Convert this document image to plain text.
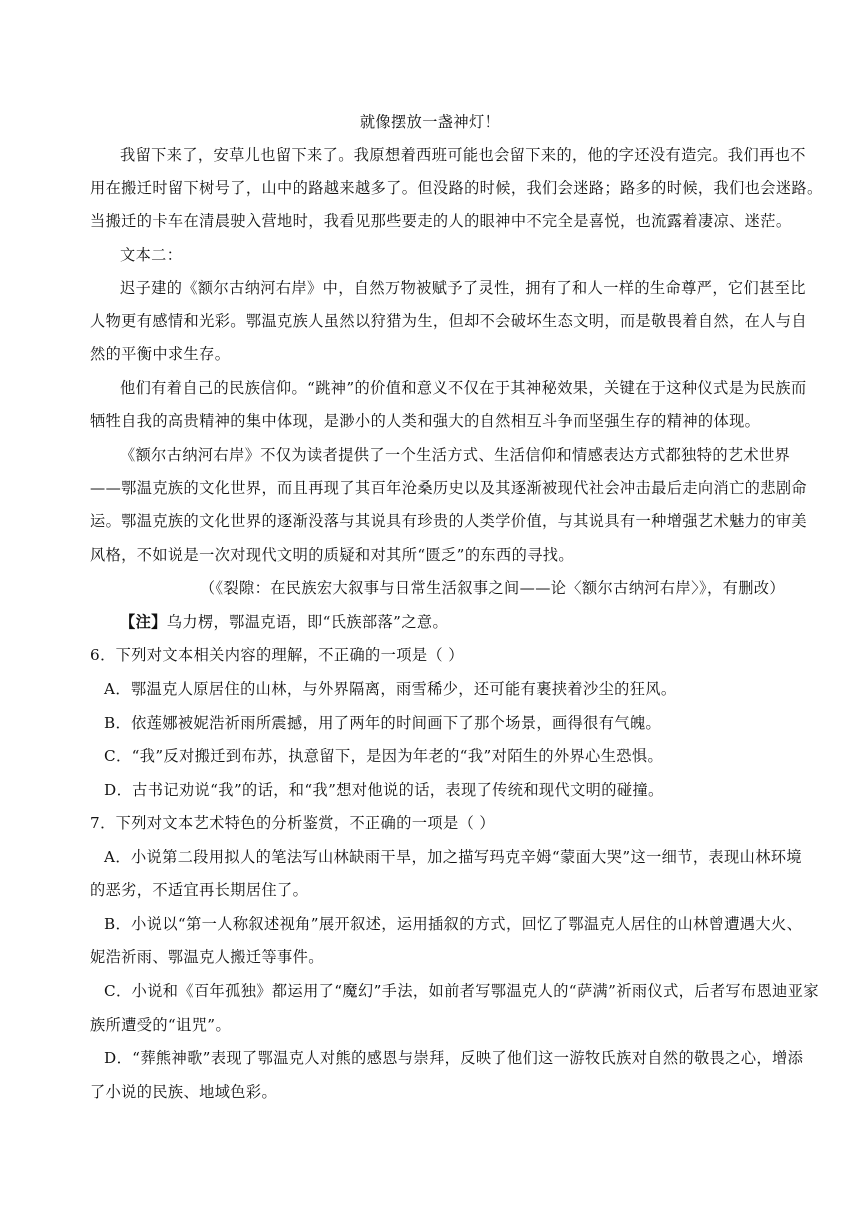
就像摆放一盏神灯！
我留下来了，安草儿也留下来了。我原想着西班可能也会留下来的，他的字还没有造完。我们再也不
用在搬迁时留下树号了，山中的路越来越多了。但没路的时候，我们会迷路；路多的时候，我们也会迷路。
当搬迁的卡车在清晨驶入营地时，我看见那些要走的人的眼神中不完全是喜悦，也流露着凄凉、迷茫。
文本二：
迟子建的《额尔古纳河右岸》中，自然万物被赋予了灵性，拥有了和人一样的生命尊严，它们甚至比
人物更有感情和光彩。鄂温克族人虽然以狩猎为生，但却不会破坏生态文明，而是敬畏着自然，在人与自
然的平衡中求生存。
他们有着自己的民族信仰。“跳神”的价值和意义不仅在于其神秘效果，关键在于这种仪式是为民族而
牺牲自我的高贵精神的集中体现，是渺小的人类和强大的自然相互斗争而坚强生存的精神的体现。
《额尔古纳河右岸》不仅为读者提供了一个生活方式、生活信仰和情感表达方式都独特的艺术世界
——鄂温克族的文化世界，而且再现了其百年沧桑历史以及其逐渐被现代社会冲击最后走向消亡的悲剧命
运。鄂温克族的文化世界的逐渐没落与其说具有珍贵的人类学价值，与其说具有一种增强艺术魅力的审美
风格，不如说是一次对现代文明的质疑和对其所“匮乏”的东西的寻找。
（《裂隙：在民族宏大叙事与日常生活叙事之间——论〈额尔古纳河右岸〉》，有删改）
【注】乌力楞，鄂温克语，即“氏族部落”之意。
6．下列对文本相关内容的理解，不正确的一项是（ ）
A．鄂温克人原居住的山林，与外界隔离，雨雪稀少，还可能有裹挟着沙尘的狂风。
B．依莲娜被妮浩祈雨所震撼，用了两年的时间画下了那个场景，画得很有气魄。
C．“我”反对搬迁到布苏，执意留下，是因为年老的“我”对陌生的外界心生恐惧。
D．古书记劝说“我”的话，和“我”想对他说的话，表现了传统和现代文明的碰撞。
7．下列对文本艺术特色的分析鉴赏，不正确的一项是（ ）
A．小说第二段用拟人的笔法写山林缺雨干旱，加之描写玛克辛姆“蒙面大哭”这一细节，表现山林环境
的恶劣，不适宜再长期居住了。
B．小说以“第一人称叙述视角”展开叙述，运用插叙的方式，回忆了鄂温克人居住的山林曾遭遇大火、
妮浩祈雨、鄂温克人搬迁等事件。
C．小说和《百年孤独》都运用了“魔幻”手法，如前者写鄂温克人的“萨满”祈雨仪式，后者写布恩迪亚家
族所遭受的“诅咒”。
D．“葬熊神歌”表现了鄂温克人对熊的感恩与崇拜，反映了他们这一游牧氏族对自然的敬畏之心，增添
了小说的民族、地域色彩。
